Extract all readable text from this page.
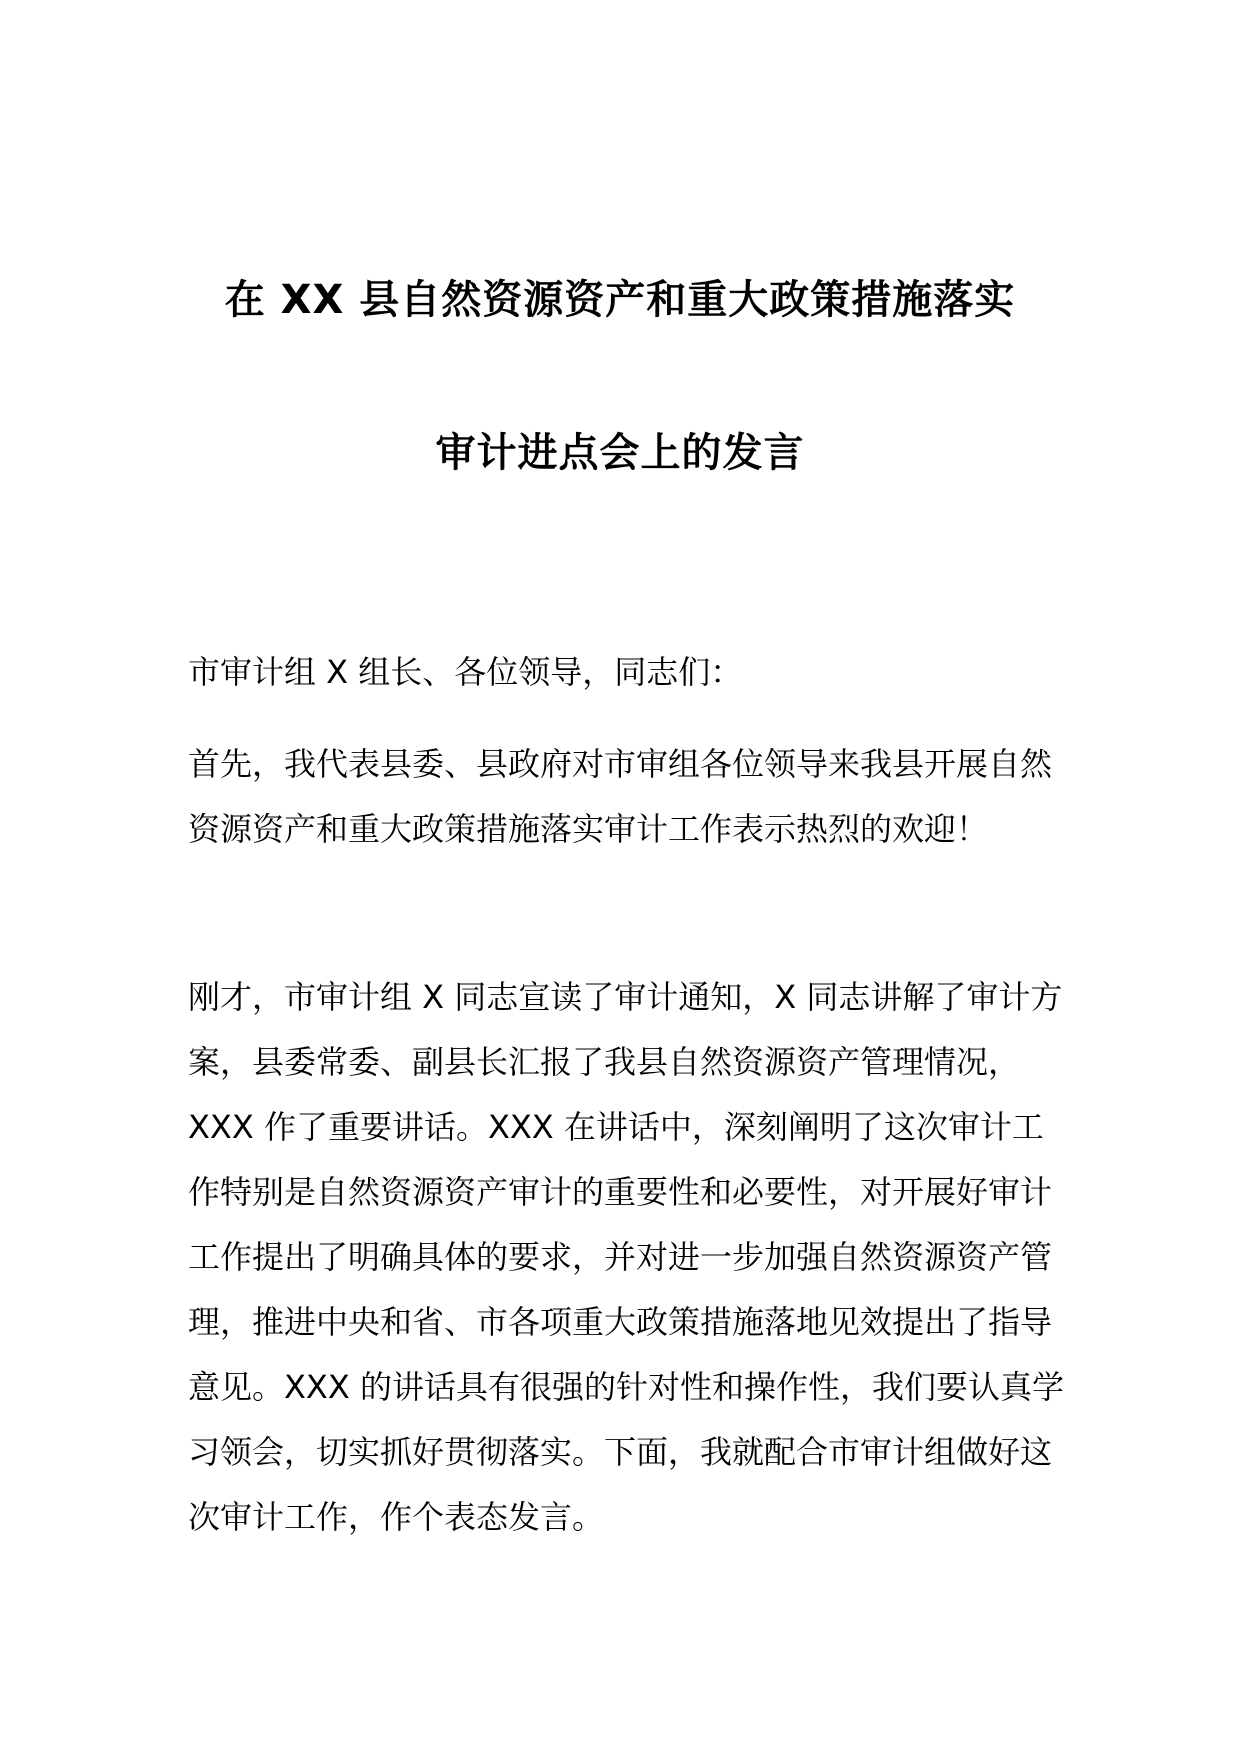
在 XX 县自然资源资产和重大政策措施落实
审计进点会上的发言

市审计组 X 组长、各位领导，同志们：

首先，我代表县委、县政府对市审组各位领导来我县开展自然资源资产和重大政策措施落实审计工作表示热烈的欢迎！

刚才，市审计组 X 同志宣读了审计通知，X 同志讲解了审计方案，县委常委、副县长汇报了我县自然资源资产管理情况，XXX 作了重要讲话。XXX 在讲话中，深刻阐明了这次审计工作特别是自然资源资产审计的重要性和必要性，对开展好审计工作提出了明确具体的要求，并对进一步加强自然资源资产管理，推进中央和省、市各项重大政策措施落地见效提出了指导意见。XXX 的讲话具有很强的针对性和操作性，我们要认真学习领会，切实抓好贯彻落实。下面，我就配合市审计组做好这次审计工作，作个表态发言。
